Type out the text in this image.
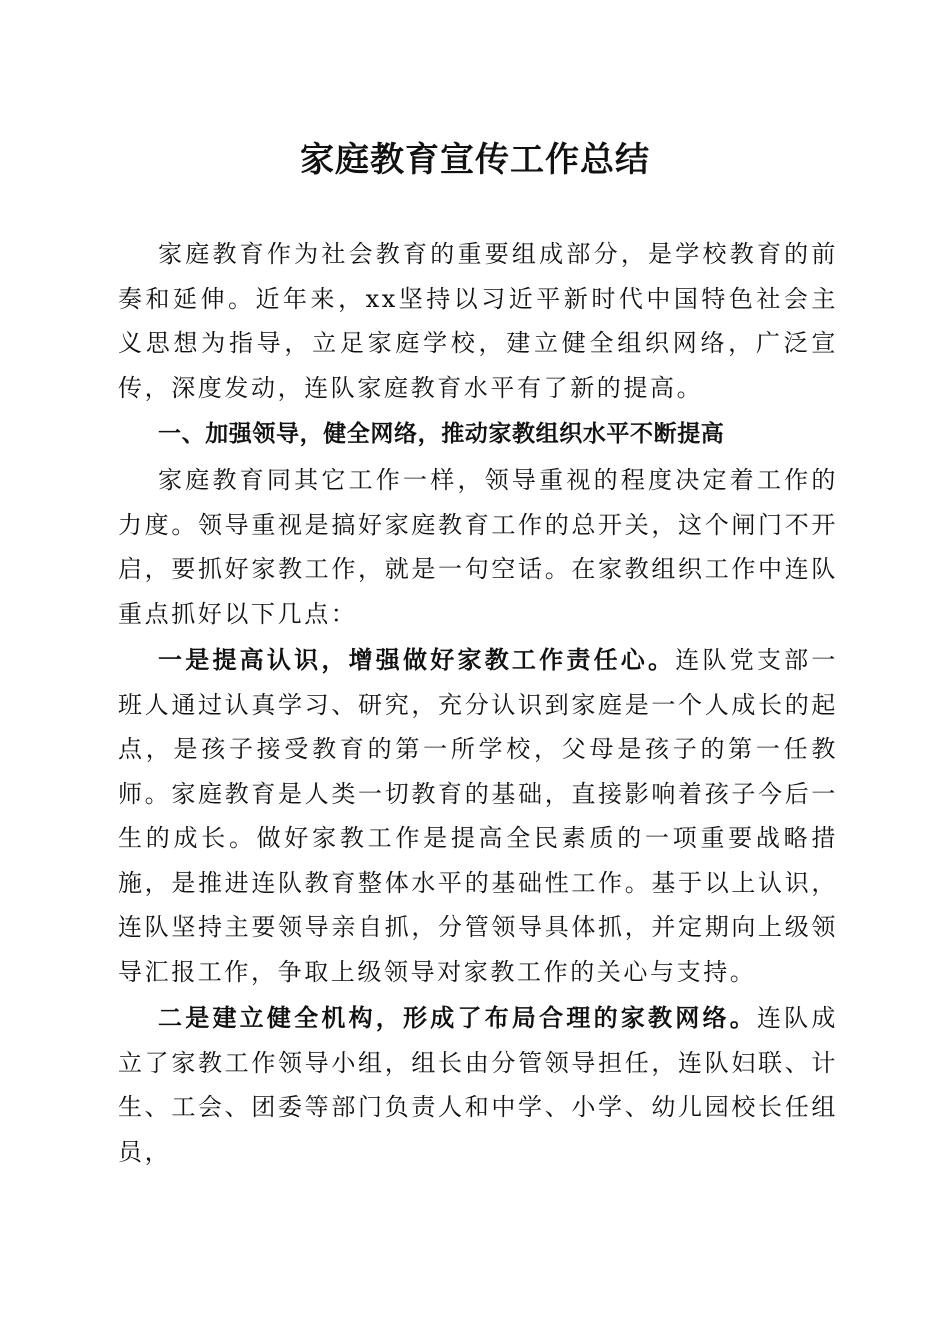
家庭教育宣传工作总结

家庭教育作为社会教育的重要组成部分，是学校教育的前奏和延伸。近年来，xx坚持以习近平新时代中国特色社会主义思想为指导，立足家庭学校，建立健全组织网络，广泛宣传，深度发动，连队家庭教育水平有了新的提高。

一、加强领导，健全网络，推动家教组织水平不断提高

家庭教育同其它工作一样，领导重视的程度决定着工作的力度。领导重视是搞好家庭教育工作的总开关，这个闸门不开启，要抓好家教工作，就是一句空话。在家教组织工作中连队重点抓好以下几点：

一是提高认识，增强做好家教工作责任心。连队党支部一班人通过认真学习、研究，充分认识到家庭是一个人成长的起点，是孩子接受教育的第一所学校，父母是孩子的第一任教师。家庭教育是人类一切教育的基础，直接影响着孩子今后一生的成长。做好家教工作是提高全民素质的一项重要战略措施，是推进连队教育整体水平的基础性工作。基于以上认识，连队坚持主要领导亲自抓，分管领导具体抓，并定期向上级领导汇报工作，争取上级领导对家教工作的关心与支持。

二是建立健全机构，形成了布局合理的家教网络。连队成立了家教工作领导小组，组长由分管领导担任，连队妇联、计生、工会、团委等部门负责人和中学、小学、幼儿园校长任组员，
